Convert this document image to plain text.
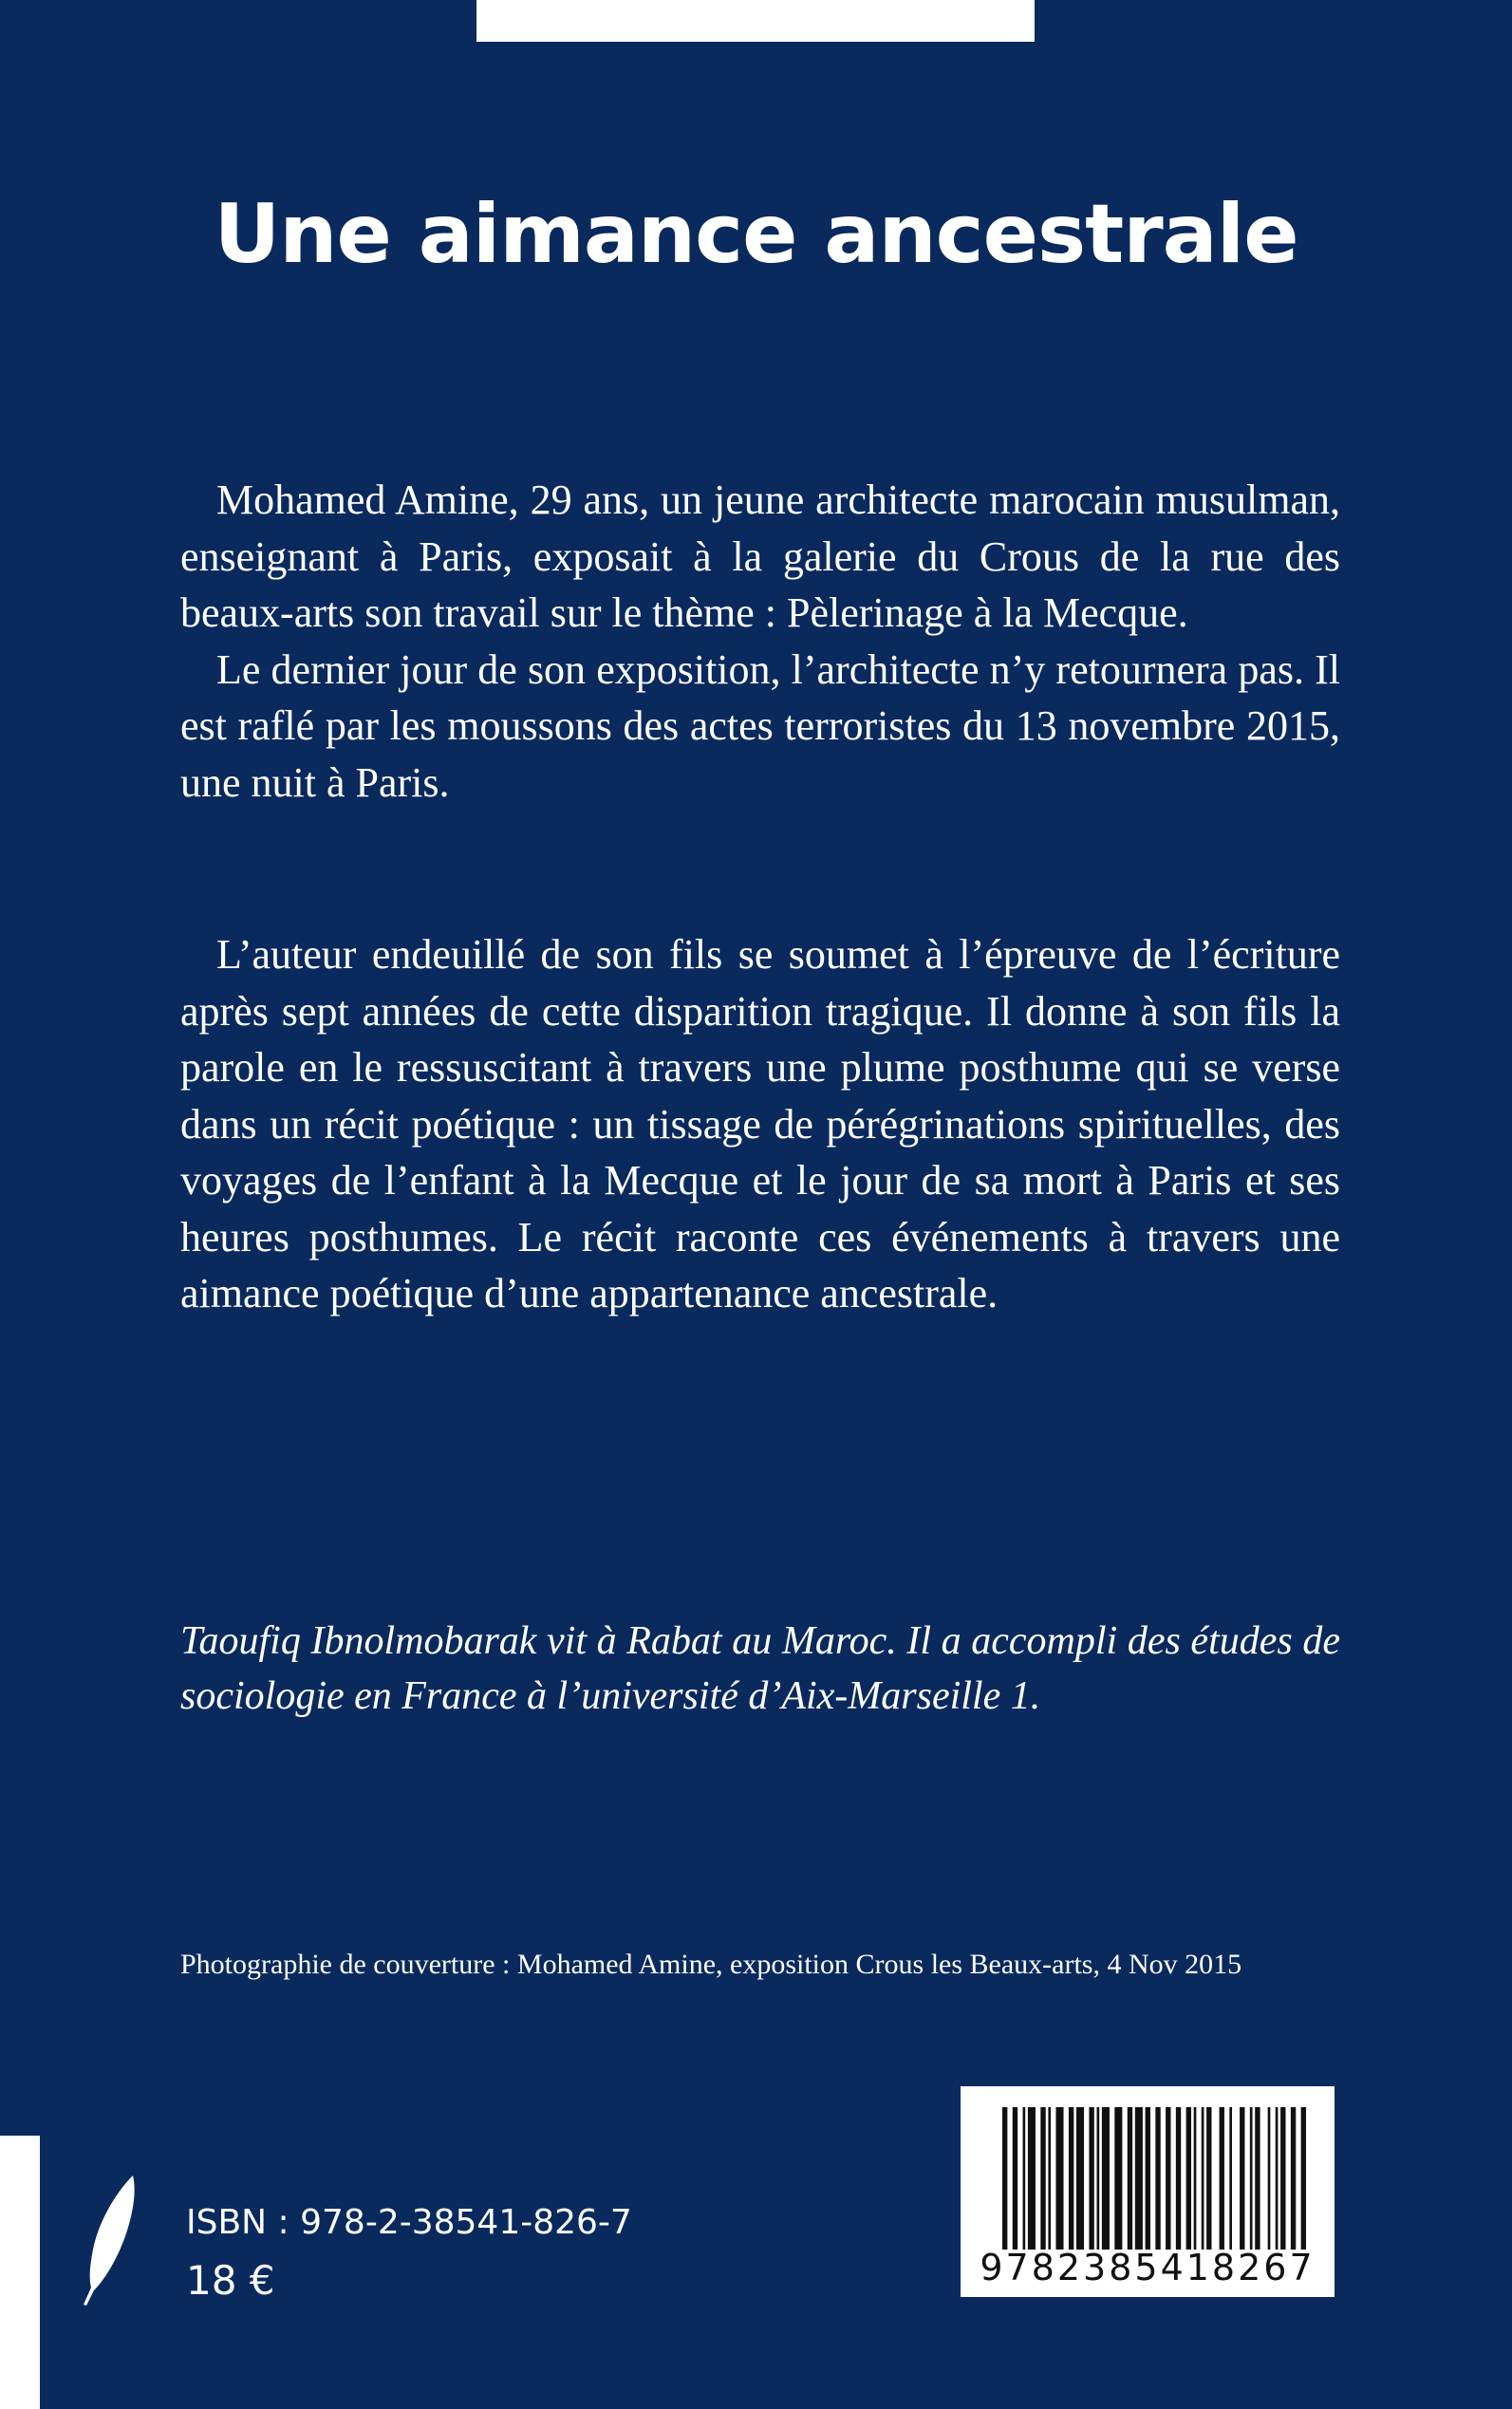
Une aimance ancestrale

Mohamed Amine, 29 ans, un jeune architecte marocain musulman, enseignant à Paris, exposait à la galerie du Crous de la rue des beaux-arts son travail sur le thème : Pèlerinage à la Mecque.

Le dernier jour de son exposition, l’architecte n’y retournera pas. Il est raflé par les moussons des actes terroristes du 13 novembre 2015, une nuit à Paris.

L’auteur endeuillé de son fils se soumet à l’épreuve de l’écriture après sept années de cette disparition tragique. Il donne à son fils la parole en le ressuscitant à travers une plume posthume qui se verse dans un récit poétique : un tissage de pérégrinations spirituelles, des voyages de l’enfant à la Mecque et le jour de sa mort à Paris et ses heures posthumes. Le récit raconte ces événements à travers une aimance poétique d’une appartenance ancestrale.

Taoufiq Ibnolmobarak vit à Rabat au Maroc. Il a accompli des études de sociologie en France à l’université d’Aix-Marseille 1.
Photographie de couverture : Mohamed Amine, exposition Crous les Beaux-arts, 4 Nov 2015
ISBN : 978-2-38541-826-7
18 €	9782385418267
